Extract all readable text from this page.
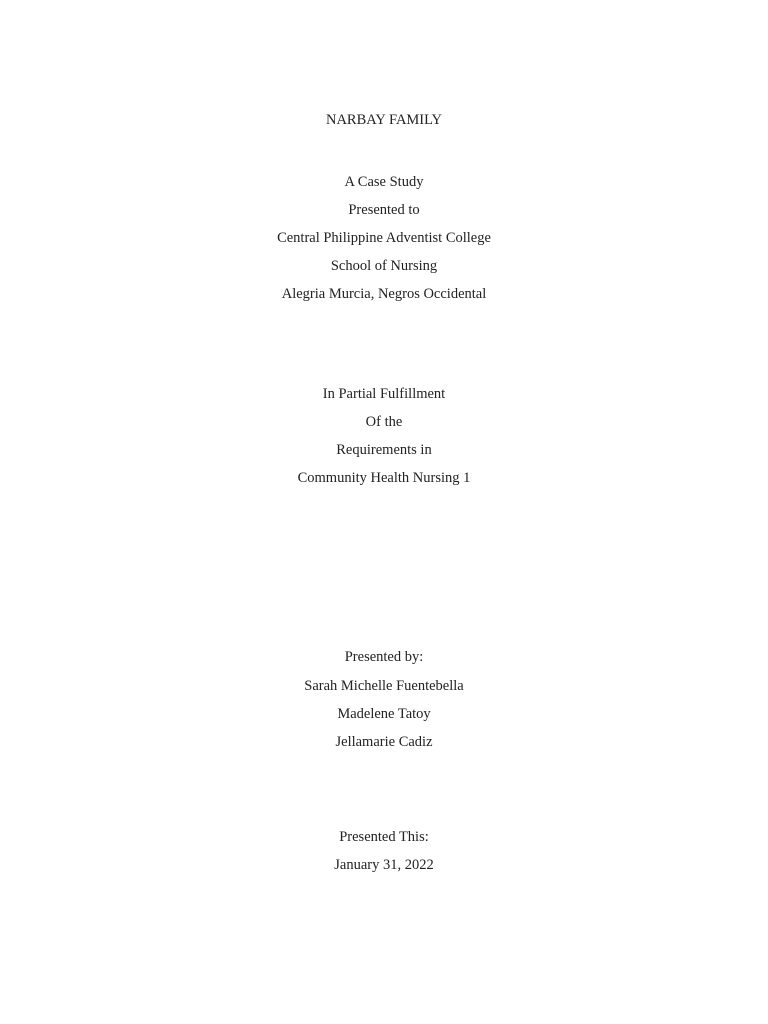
NARBAY FAMILY
A Case Study
Presented to
Central Philippine Adventist College
School of Nursing
Alegria Murcia, Negros Occidental
In Partial Fulfillment
Of the
Requirements in
Community Health Nursing 1
Presented by:
Sarah Michelle Fuentebella
Madelene Tatoy
Jellamarie Cadiz
Presented This:
January 31, 2022
